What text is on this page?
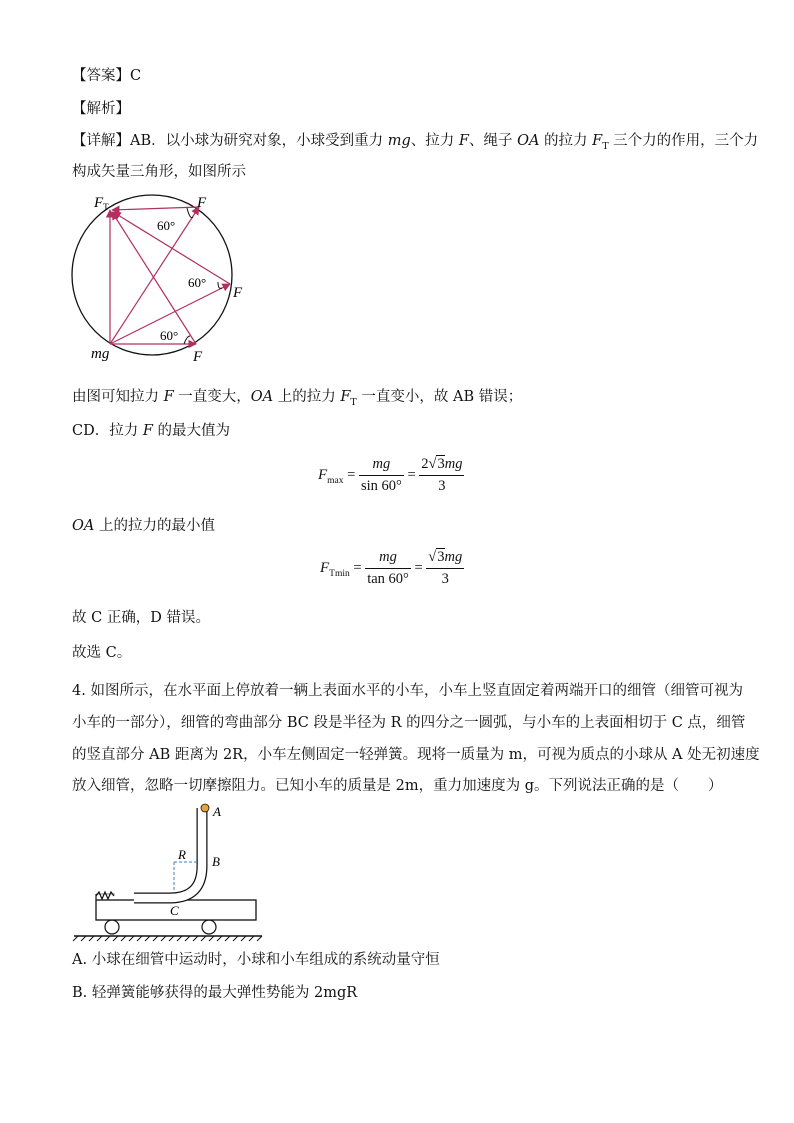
【答案】C
【解析】
【详解】AB．以小球为研究对象，小球受到重力 mg、拉力 F、绳子 OA 的拉力 $F_T$ 三个力的作用，三个力
构成矢量三角形，如图所示
$F_T$	F
F
F
mg
60°
60°
60°
由图可知拉力 F 一直变大，OA 上的拉力 $F_T$ 一直变小，故 AB 错误；
CD．拉力 F 的最大值为
$F_{max} = \frac{mg}{\sin 60^\circ} = \frac{2√3mg}{3}$
OA 上的拉力的最小值
$F_{Tmin} = \frac{mg}{\tan 60^\circ} = \frac{√3mg}{3}$
故 C 正确，D 错误。
故选 C。
4. 如图所示，在水平面上停放着一辆上表面水平的小车，小车上竖直固定着两端开口的细管（细管可视为
小车的一部分），细管的弯曲部分 BC 段是半径为 R 的四分之一圆弧，与小车的上表面相切于 C 点，细管
的竖直部分 AB 距离为 2R，小车左侧固定一轻弹簧。现将一质量为 m，可视为质点的小球从 A 处无初速度
放入细管，忽略一切摩擦阻力。已知小车的质量是 2m，重力加速度为 g。下列说法正确的是（　　）
A
B
R
C
A. 小球在细管中运动时，小球和小车组成的系统动量守恒
B. 轻弹簧能够获得的最大弹性势能为 2mgR
